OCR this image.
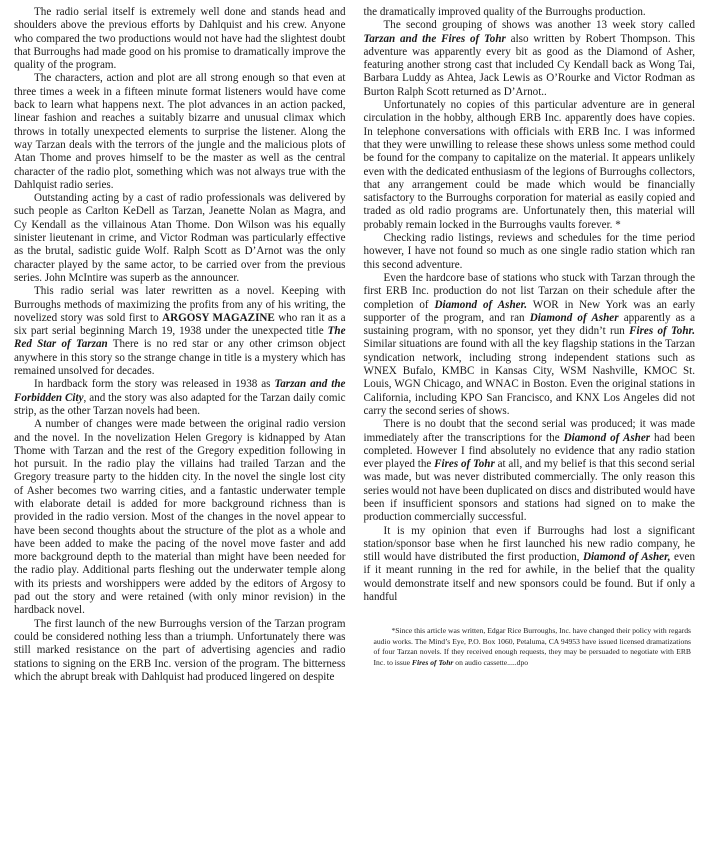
The radio serial itself is extremely well done and stands head and shoulders above the previous efforts by Dahlquist and his crew. Anyone who compared the two productions would not have had the slightest doubt that Burroughs had made good on his promise to dramatically improve the quality of the program.

The characters, action and plot are all strong enough so that even at three times a week in a fifteen minute format listeners would have come back to learn what happens next. The plot advances in an action packed, linear fashion and reaches a suitably bizarre and unusual climax which throws in totally unexpected elements to surprise the listener. Along the way Tarzan deals with the terrors of the jungle and the malicious plots of Atan Thome and proves himself to be the master as well as the central character of the radio plot, something which was not always true with the Dahlquist radio series.

Outstanding acting by a cast of radio professionals was delivered by such people as Carlton KeDell as Tarzan, Jeanette Nolan as Magra, and Cy Kendall as the villainous Atan Thome. Don Wilson was his equally sinister lieutenant in crime, and Victor Rodman was particularly effective as the brutal, sadistic guide Wolf. Ralph Scott as D’Arnot was the only character played by the same actor, to be carried over from the previous series. John McIntire was superb as the announcer.

This radio serial was later rewritten as a novel. Keeping with Burroughs methods of maximizing the profits from any of his writing, the novelized story was sold first to ARGOSY MAGAZINE who ran it as a six part serial beginning March 19, 1938 under the unexpected title The Red Star of Tarzan There is no red star or any other crimson object anywhere in this story so the strange change in title is a mystery which has remained unsolved for decades.

In hardback form the story was released in 1938 as Tarzan and the Forbidden City, and the story was also adapted for the Tarzan daily comic strip, as the other Tarzan novels had been.

A number of changes were made between the original radio version and the novel. In the novelization Helen Gregory is kidnapped by Atan Thome with Tarzan and the rest of the Gregory expedition following in hot pursuit. In the radio play the villains had trailed Tarzan and the Gregory treasure party to the hidden city. In the novel the single lost city of Asher becomes two warring cities, and a fantastic underwater temple with elaborate detail is added for more background richness than is provided in the radio version. Most of the changes in the novel appear to have been second thoughts about the structure of the plot as a whole and have been added to make the pacing of the novel move faster and add more background depth to the material than might have been needed for the radio play. Additional parts fleshing out the underwater temple along with its priests and worshippers were added by the editors of Argosy to pad out the story and were retained (with only minor revision) in the hardback novel.

The first launch of the new Burroughs version of the Tarzan program could be considered nothing less than a triumph. Unfortunately there was still marked resistance on the part of advertising agencies and radio stations to signing on the ERB Inc. version of the program. The bitterness which the abrupt break with Dahlquist had produced lingered on despite

the dramatically improved quality of the Burroughs production.

The second grouping of shows was another 13 week story called Tarzan and the Fires of Tohr also written by Robert Thompson. This adventure was apparently every bit as good as the Diamond of Asher, featuring another strong cast that included Cy Kendall back as Wong Tai, Barbara Luddy as Ahtea, Jack Lewis as O’Rourke and Victor Rodman as Burton Ralph Scott returned as D’Arnot..

Unfortunately no copies of this particular adventure are in general circulation in the hobby, although ERB Inc. apparently does have copies. In telephone conversations with officials with ERB Inc. I was informed that they were unwilling to release these shows unless some method could be found for the company to capitalize on the material. It appears unlikely even with the dedicated enthusiasm of the legions of Burroughs collectors, that any arrangement could be made which would be financially satisfactory to the Burroughs corporation for material as easily copied and traded as old radio programs are. Unfortunately then, this material will probably remain locked in the Burroughs vaults forever. *

Checking radio listings, reviews and schedules for the time period however, I have not found so much as one single radio station which ran this second adventure.

Even the hardcore base of stations who stuck with Tarzan through the first ERB Inc. production do not list Tarzan on their schedule after the completion of Diamond of Asher. WOR in New York was an early supporter of the program, and ran Diamond of Asher apparently as a sustaining program, with no sponsor, yet they didn’t run Fires of Tohr. Similar situations are found with all the key flagship stations in the Tarzan syndication network, including strong independent stations such as WNEX Bufalo, KMBC in Kansas City, WSM Nashville, KMOC St. Louis, WGN Chicago, and WNAC in Boston. Even the original stations in California, including KPO San Francisco, and KNX Los Angeles did not carry the second series of shows.

There is no doubt that the second serial was produced; it was made immediately after the transcriptions for the Diamond of Asher had been completed. However I find absolutely no evidence that any radio station ever played the Fires of Tohr at all, and my belief is that this second serial was made, but was never distributed commercially. The only reason this series would not have been duplicated on discs and distributed would have been if insufficient sponsors and stations had signed on to make the production commercially successful.

It is my opinion that even if Burroughs had lost a significant station/sponsor base when he first launched his new radio company, he still would have distributed the first production, Diamond of Asher, even if it meant running in the red for awhile, in the belief that the quality would demonstrate itself and new sponsors could be found. But if only a handful

*Since this article was written, Edgar Rice Burroughs, Inc. have changed their policy with regards audio works. The Mind’s Eye, P.O. Box 1060, Petaluma, CA 94953 have issued licensed dramatizations of four Tarzan novels. If they received enough requests, they may be persuaded to negotiate with ERB Inc. to issue Fires of Tohr on audio cassette.....dpo
